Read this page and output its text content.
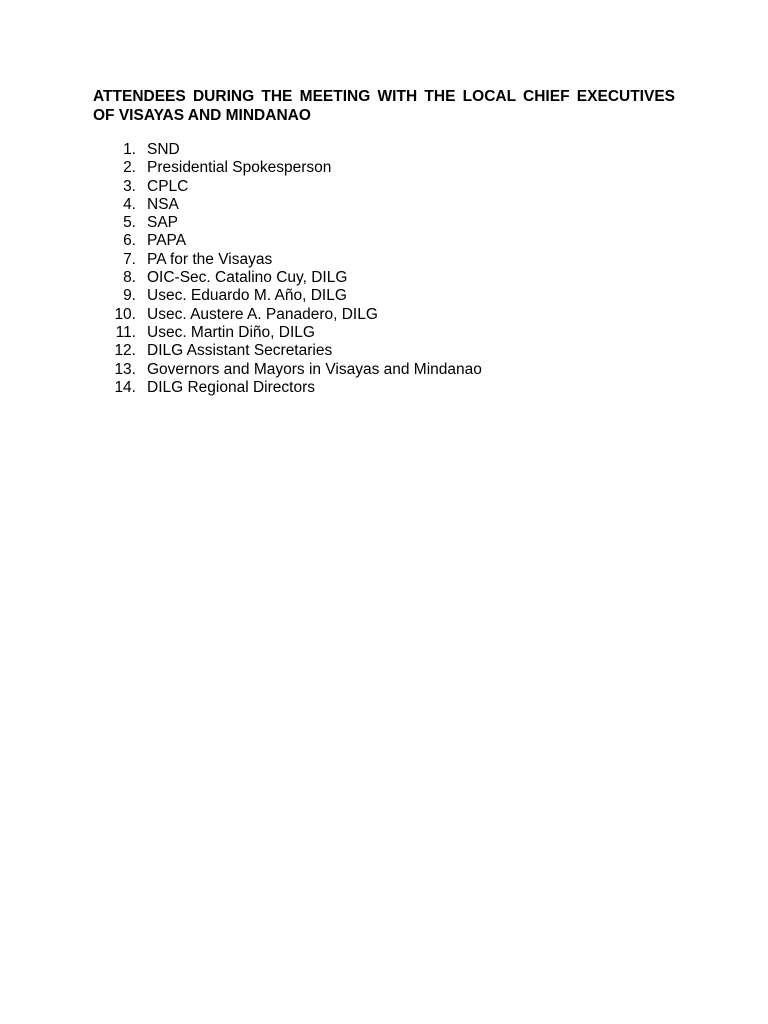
ATTENDEES DURING THE MEETING WITH THE LOCAL CHIEF EXECUTIVES OF VISAYAS AND MINDANAO
1. SND
2. Presidential Spokesperson
3. CPLC
4. NSA
5. SAP
6. PAPA
7. PA for the Visayas
8. OIC-Sec. Catalino Cuy, DILG
9. Usec. Eduardo M. Año, DILG
10. Usec. Austere A. Panadero, DILG
11. Usec. Martin Diño, DILG
12. DILG Assistant Secretaries
13. Governors and Mayors in Visayas and Mindanao
14. DILG Regional Directors
